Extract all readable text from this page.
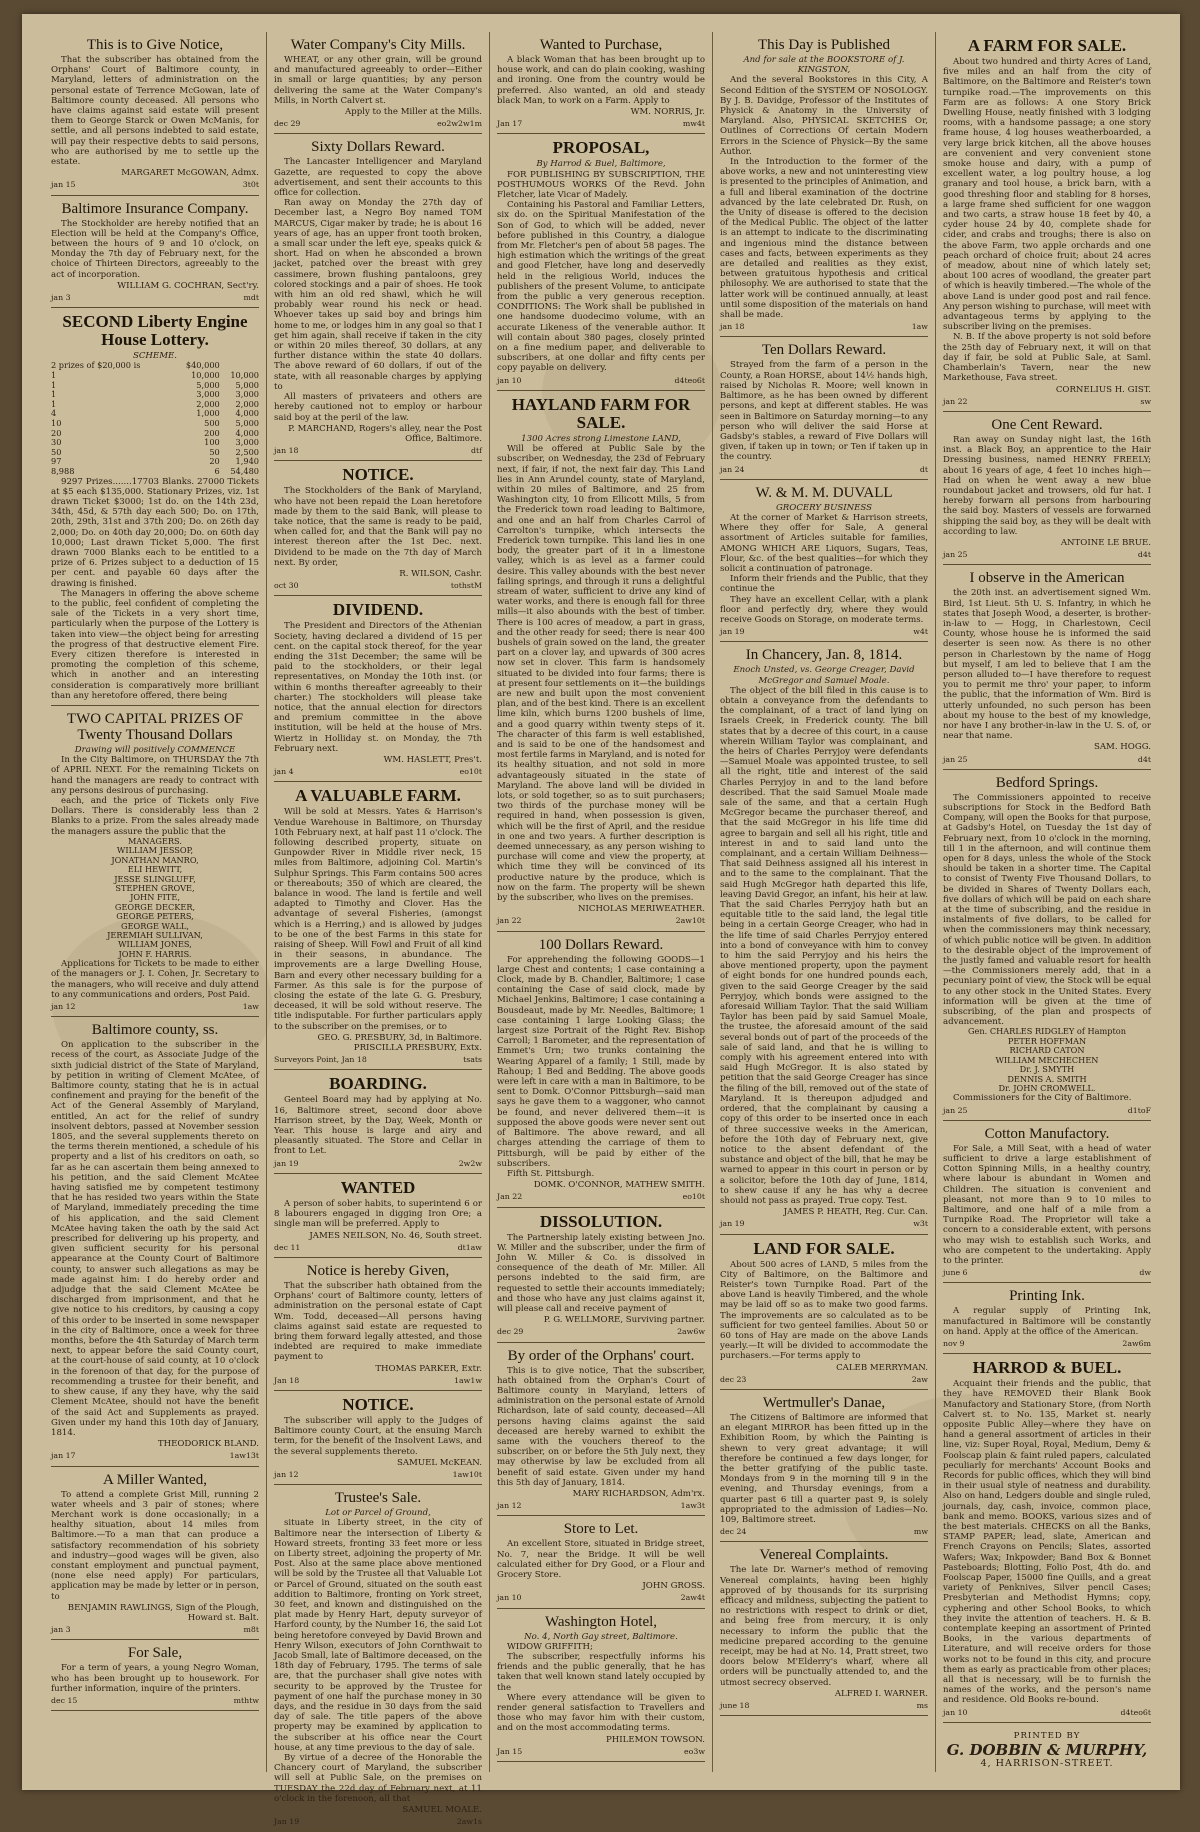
This is to Give Notice,

That the subscriber has obtained from the Orphans' Court of Baltimore county, in Maryland, letters of administration on the personal estate of Terrence McGowan, late of Baltimore county deceased. All persons who have claims against said estate will present them to George Starck or Owen McManis, for settle, and all persons indebted to said estate, will pay their respective debts to said persons, who are authorised by me to settle up the estate.

MARGARET McGOWAN, Admx.
jan 15	3t0t
Baltimore Insurance Company.

The Stockholder are hereby notified that an Election will be held at the Company's Office, between the hours of 9 and 10 o'clock, on Monday the 7th day of February next, for the choice of Thirteen Directors, agreeably to the act of incorporation.

WILLIAM G. COCHRAN, Sect'ry.
jan 3	mdt
SECOND Liberty Engine House Lottery.
SCHEME.
2 prizes of $20,000 is	$40,000	
1	10,000	10,000
1	5,000	5,000
1	3,000	3,000
1	2,000	2,000
4	1,000	4,000
10	500	5,000
20	200	4,000
30	100	3,000
50	50	2,500
97	20	1,940
8,988	6	54,480

9297 Prizes.......17703 Blanks. 27000 Tickets at $5 each $135,000. Stationary Prizes, viz. 1st drawn Ticket $3000; 1st do. on the 14th 23d, 34th, 45d, & 57th day each 500; Do. on 17th, 20th, 29th, 31st and 37th 200; Do. on 26th day 2,000; Do. on 40th day 20,000; Do. on 60th day 10,000; Last drawn Ticket 5,000. The first drawn 7000 Blanks each to be entitled to a prize of 6. Prizes subject to a deduction of 15 per cent. and payable 60 days after the drawing is finished.

The Managers in offering the above scheme to the public, feel confident of completing the sale of the Tickets in a very short time, particularly when the purpose of the Lottery is taken into view—the object being for arresting the progress of that destructive element Fire. Every citizen therefore is interested in promoting the completion of this scheme, which in another and an interesting consideration is comparatively more brilliant than any heretofore offered, there being

TWO CAPITAL PRIZES OF Twenty Thousand Dollars
Drawing will positively COMMENCE

In the City Baltimore, on THURSDAY the 7th of APRIL NEXT. For the remaining Tickets on hand the managers are ready to contract with any persons desirous of purchasing.

each, and the price of Tickets only Five Dollars. There is considerably less than 2 Blanks to a prize. From the sales already made the managers assure the public that the

MANAGERS.
WILLIAM JESSOP,
JONATHAN MANRO,
ELI HEWITT,
JESSE SLINGLUFF,
STEPHEN GROVE,
JOHN FITE,
GEORGE DECKER,
GEORGE PETERS,
GEORGE WALL,
JEREMIAH SULLIVAN,
WILLIAM JONES,
JOHN F. HARRIS.

Applications for Tickets to be made to either of the managers or J. I. Cohen, Jr. Secretary to the managers, who will receive and duly attend to any communications and orders, Post Paid.

jan 12	1aw
Baltimore county, ss.

On application to the subscriber in the recess of the court, as Associate Judge of the sixth judicial district of the State of Maryland, by petition in writing of Clement McAtee, of Baltimore county, stating that he is in actual confinement and praying for the benefit of the Act of the General Assembly of Maryland, entitled, An act for the relief of sundry insolvent debtors, passed at November session 1805, and the several supplements thereto on the terms therein mentioned, a schedule of his property and a list of his creditors on oath, so far as he can ascertain them being annexed to his petition, and the said Clement McAtee having satisfied me by competent testimony that he has resided two years within the State of Maryland, immediately preceding the time of his application, and the said Clement McAtee having taken the oath by the said Act prescribed for delivering up his property, and given sufficient security for his personal appearance at the County Court of Baltimore county, to answer such allegations as may be made against him: I do hereby order and adjudge that the said Clement McAtee be discharged from imprisonment, and that he give notice to his creditors, by causing a copy of this order to be inserted in some newspaper in the city of Baltimore, once a week for three months, before the 4th Saturday of March term next, to appear before the said County court, at the court-house of said county, at 10 o'clock in the forenoon of that day, for the purpose of recommending a trustee for their benefit, and to shew cause, if any they have, why the said Clement McAtee, should not have the benefit of the said Act and Supplements as prayed. Given under my hand this 10th day of January, 1814.

THEODORICK BLAND.
jan 17	1aw13t
A Miller Wanted,

To attend a complete Grist Mill, running 2 water wheels and 3 pair of stones; where Merchant work is done occasionally; in a healthy situation, about 14 miles from Baltimore.—To a man that can produce a satisfactory recommendation of his sobriety and industry—good wages will be given, also constant employment and punctual payment, (none else need apply) For particulars, application may be made by letter or in person, to

BENJAMIN RAWLINGS, Sign of the Plough, Howard st. Balt.
jan 3	m8t
For Sale,

For a term of years, a young Negro Woman, who has been brought up to housework. For further information, inquire of the printers.

dec 15	mthtw
Water Company's City Mills.

WHEAT, or any other grain, will be ground and manufactured agreeably to order—Either in small or large quantities; by any person delivering the same at the Water Company's Mills, in North Calvert st.

Apply to the Miller at the Mills.
dec 29	eo2w2w1m
Sixty Dollars Reward.

The Lancaster Intelligencer and Maryland Gazette, are requested to copy the above advertisement, and sent their accounts to this office for collection.

Ran away on Monday the 27th day of December last, a Negro Boy named TOM MARCUS, Cigar maker by trade; he is about 16 years of age, has an upper front tooth broken, a small scar under the left eye, speaks quick & short. Had on when he absconded a brown jacket, patched over the breast with grey cassimere, brown flushing pantaloons, grey colored stockings and a pair of shoes. He took with him an old red shawl, which he will probably wear round his neck or head. Whoever takes up said boy and brings him home to me, or lodges him in any goal so that I get him again, shall receive if taken in the city or within 20 miles thereof, 30 dollars, at any further distance within the state 40 dollars. The above reward of 60 dollars, if out of the state, with all reasonable charges by applying to

All masters of privateers and others are hereby cautioned not to employ or harbour said boy at the peril of the law.

P. MARCHAND, Rogers's alley, near the Post Office, Baltimore.
jan 18	dtf
NOTICE.

The Stockholders of the Bank of Maryland, who have not been repaid the Loan heretofore made by them to the said Bank, will please to take notice, that the same is ready to be paid, when called for, and that the Bank will pay no interest thereon after the 1st Dec. next. Dividend to be made on the 7th day of March next. By order,

R. WILSON, Cashr.
oct 30	tothstM
DIVIDEND.

The President and Directors of the Athenian Society, having declared a dividend of 15 per cent. on the capital stock thereof, for the year ending the 31st December; the same will be paid to the stockholders, or their legal representatives, on Monday the 10th inst. (or within 6 months thereafter agreeably to their charter.) The stockholders will please take notice, that the annual election for directors and premium committee in the above institution, will be held at the house of Mrs. Wiertz in Holliday st. on Monday, the 7th February next.

WM. HASLETT, Pres't.
jan 4	eo10t
A VALUABLE FARM.

Will be sold at Messrs. Yates & Harrison's Vendue Warehouse in Baltimore, on Thursday 10th February next, at half past 11 o'clock. The following described property, situate on Gunpowder River in Middle river neck, 15 miles from Baltimore, adjoining Col. Martin's Sulphur Springs. This Farm contains 500 acres or thereabouts; 350 of which are cleared, the balance in wood. The land is fertile and well adapted to Timothy and Clover. Has the advantage of several Fisheries, (amongst which is a Herring,) and is allowed by judges to be one of the best Farms in this state for raising of Sheep. Will Fowl and Fruit of all kind in their seasons, in abundance. The improvements are a large Dwelling House, Barn and every other necessary building for a Farmer. As this sale is for the purpose of closing the estate of the late G. G. Presbury, deceased, it will be sold without reserve. The title indisputable. For further particulars apply to the subscriber on the premises, or to

GEO. G. PRESBURY, 3d, in Baltimore. PRISCILLA PRESBURY, Extx.
Surveyors Point, Jan 18	tsats
BOARDING.

Genteel Board may had by applying at No. 16, Baltimore street, second door above Harrison street, by the Day, Week, Month or Year. This house is large and airy and pleasantly situated. The Store and Cellar in front to Let.

jan 19	2w2w
WANTED

A person of sober habits, to superintend 6 or 8 labourers engaged in digging Iron Ore; a single man will be preferred. Apply to

JAMES NEILSON, No. 46, South street.
dec 11	dt1aw
Notice is hereby Given,

That the subscriber hath obtained from the Orphans' court of Baltimore county, letters of administration on the personal estate of Capt Wm. Todd, deceased—All persons having claims against said estate are requested to bring them forward legally attested, and those indebted are required to make immediate payment to

THOMAS PARKER, Extr.
Jan 18	1aw1w
NOTICE.

The subscriber will apply to the Judges of Baltimore county Court, at the ensuing March term, for the benefit of the Insolvent Laws, and the several supplements thereto.

SAMUEL McKEAN.
jan 12	1aw10t
Trustee's Sale.
Lot or Parcel of Ground,

situate in Liberty street, in the city of Baltimore near the intersection of Liberty & Howard streets, fronting 33 feet more or less on Liberty street, adjoining the property of Mr. Post. Also at the same place above mentioned will be sold by the Trustee all that Valuable Lot or Parcel of Ground, situated on the south east addition to Baltimore, fronting on York street, 30 feet, and known and distinguished on the plat made by Henry Hart, deputy surveyor of Harford county, by the Number 16, the said Lot being heretofore conveyed by David Brown and Henry Wilson, executors of John Cornthwait to Jacob Small, late of Baltimore deceased, on the 18th day of February, 1795. The terms of sale are, that the purchaser shall give notes with security to be approved by the Trustee for payment of one half the purchase money in 30 days, and the residue in 30 days from the said day of sale. The title papers of the above property may be examined by application to the subscriber at his office near the Court house, at any time previous to the day of sale.

By virtue of a decree of the Honorable the Chancery court of Maryland, the subscriber will sell at Public Sale, on the premises on TUESDAY the 22d day of February next, at 11 o'clock in the forenoon, all that

SAMUEL MOALE.
Jan 19	2aw1s
Wanted to Purchase,

A black Woman that has been brought up to house work, and can do plain cooking, washing and ironing. One from the country would be preferred. Also wanted, an old and steady black Man, to work on a Farm. Apply to

WM. NORRIS, Jr.
Jan 17	mw4t
PROPOSAL,
By Harrod & Buel, Baltimore,

FOR PUBLISHING BY SUBSCRIPTION, THE POSTHUMOUS WORKS Of the Revd. John Fletcher, late Vicar of Madely.

Containing his Pastoral and Familiar Letters, six do. on the Spiritual Manifestation of the Son of God, to which will be added, never before published in this Country, a dialogue from Mr. Fletcher's pen of about 58 pages. The high estimation which the writings of the great and good Fletcher, have long and deservedly held in the religious World, induces the publishers of the present Volume, to anticipate from the public a very generous reception. CONDITIONS: The Work shall be published in one handsome duodecimo volume, with an accurate Likeness of the venerable author. It will contain about 380 pages, closely printed on a fine medium paper, and deliverable to subscribers, at one dollar and fifty cents per copy payable on delivery.

jan 10	d4teo6t
HAYLAND FARM FOR SALE.
1300 Acres strong Limestone LAND,

Will be offered at Public Sale by the subscriber, on Wednesday, the 23d of February next, if fair, if not, the next fair day. This Land lies in Ann Arundel county, state of Maryland, within 20 miles of Baltimore, and 25 from Washington city, 10 from Ellicott Mills, 5 from the Frederick town road leading to Baltimore, and one and an half from Charles Carrol of Carrolton's turnpike, which intersects the Frederick town turnpike. This land lies in one body, the greater part of it in a limestone valley, which is as level as a farmer could desire. This valley abounds with the best never failing springs, and through it runs a delightful stream of water, sufficient to drive any kind of water works, and there is enough fall for three mills—it also abounds with the best of timber. There is 100 acres of meadow, a part in grass, and the other ready for seed; there is near 400 bushels of grain sowed on the land, the greater part on a clover lay, and upwards of 300 acres now set in clover. This farm is handsomely situated to be divided into four farms; there is at present four settlements on it—the buildings are new and built upon the most convenient plan, and of the best kind. There is an excellent lime kiln, which burns 1200 bushels of lime, and a good quarry within twenty steps of it. The character of this farm is well established, and is said to be one of the handsomest and most fertile farms in Maryland, and is noted for its healthy situation, and not sold in more advantageously situated in the state of Maryland. The above land will be divided in lots, or sold together, so as to suit purchasers; two thirds of the purchase money will be required in hand, when possession is given, which will be the first of April, and the residue in one and two years. A further description is deemed unnecessary, as any person wishing to purchase will come and view the property, at which time they will be convinced of its productive nature by the produce, which is now on the farm. The property will be shewn by the subscriber, who lives on the premises.

NICHOLAS MERIWEATHER.
jan 22	2aw10t
100 Dollars Reward.

For apprehending the following GOODS—1 large Chest and contents; 1 case containing a Clock, made by B. Chandler, Baltimore; 1 case containing the Case of said clock, made by Michael Jenkins, Baltimore; 1 case containing a Bousdeaut, made by Mr. Needles, Baltimore; 1 case containing 1 large Looking Glass; the largest size Portrait of the Right Rev. Bishop Carroll; 1 Barometer, and the representation of Emmet's Urn; two trunks containing the Wearing Apparel of a family; 1 Still, made by Rahoup; 1 Bed and Bedding. The above goods were left in care with a man in Baltimore, to be sent to Domk. O'Connor Pittsburgh—said man says he gave them to a waggoner, who cannot be found, and never delivered them—it is supposed the above goods were never sent out of Baltimore. The above reward, and all charges attending the carriage of them to Pittsburgh, will be paid by either of the subscribers.

Fifth St. Pittsburgh.

DOMK. O'CONNOR, MATHEW SMITH.
Jan 22	eo10t
DISSOLUTION.

The Partnership lately existing between Jno. W. Miller and the subscriber, under the firm of John W. Miller & Co. is dissolved in consequence of the death of Mr. Miller. All persons indebted to the said firm, are requested to settle their accounts immediately; and those who have any just claims against it, will please call and receive payment of

P. G. WELLMORE, Surviving partner.
dec 29	2aw6w
By order of the Orphans' court.

This is to give notice, That the subscriber, hath obtained from the Orphan's Court of Baltimore county in Maryland, letters of administration on the personal estate of Arnold Richardson, late of said county, deceased—All persons having claims against the said deceased are hereby warned to exhibit the same with the vouchers thereof to the subscriber, on or before the 5th July next, they may otherwise by law be excluded from all benefit of said estate. Given under my hand this 5th day of January, 1814.

MARY RICHARDSON, Adm'rx.
jan 12	1aw3t
Store to Let.

An excellent Store, situated in Bridge street, No. 7, near the Bridge. It will be well calculated either for Dry Good, or a Flour and Grocery Store.

JOHN GROSS.
jan 10	2aw4t
Washington Hotel,
No. 4, North Gay street, Baltimore.

WIDOW GRIFFITH;

The subscriber, respectfully informs his friends and the public generally, that he has taken that well known stand lately occupied by the

Where every attendance will be given to render general satisfaction to Travellers and those who may favor him with their custom, and on the most accommodating terms.

PHILEMON TOWSON.
Jan 15	eo3w
This Day is Published
And for sale at the BOOKSTORE of J. KINGSTON,

And the several Bookstores in this City, A Second Edition of the SYSTEM OF NOSOLOGY. By J. B. Davidge, Professor of the Institutes of Physick & Anatomy in the University of Maryland. Also, PHYSICAL SKETCHES Or, Outlines of Corrections Of certain Modern Errors in the Science of Physick—By the same Author.

In the Introduction to the former of the above works, a new and not uninteresting view is presented to the principles of Animation, and a full and liberal examination of the doctrine advanced by the late celebrated Dr. Rush, on the Unity of disease is offered to the decision of the Medical Public. The object of the latter is an attempt to indicate to the discriminating and ingenious mind the distance between cases and facts, between experiments as they are detailed and realities as they exist, between gratuitous hypothesis and critical philosophy. We are authorised to state that the latter work will be continued annually, at least until some disposition of the materials on hand shall be made.

jan 18	1aw
Ten Dollars Reward.

Strayed from the farm of a person in the County, a Roan HORSE, about 14½ hands high, raised by Nicholas R. Moore; well known in Baltimore, as he has been owned by different persons, and kept at different stables. He was seen in Baltimore on Saturday morning—to any person who will deliver the said Horse at Gadsby's stables, a reward of Five Dollars will given, if taken up in town; or Ten if taken up in the country.

jan 24	dt
W. & M. M. DUVALL
GROCERY BUSINESS

At the corner of Market & Harrison streets, Where they offer for Sale, A general assortment of Articles suitable for families, AMONG WHICH ARE Liquors, Sugars, Teas, Flour, &c. of the best qualities—for which they solicit a continuation of patronage.

Inform their friends and the Public, that they continue the

They have an excellent Cellar, with a plank floor and perfectly dry, where they would receive Goods on Storage, on moderate terms.

jan 19	w4t
In Chancery, Jan. 8, 1814.
Enoch Unsted, vs. George Creager, David McGregor and Samuel Moale.

The object of the bill filed in this cause is to obtain a conveyance from the defendants to the complainant, of a tract of land lying on Israels Creek, in Frederick county. The bill states that by a decree of this court, in a cause wherein William Taylor was complainant, and the heirs of Charles Perryjoy were defendants—Samuel Moale was appointed trustee, to sell all the right, title and interest of the said Charles Perryjoy in and to the land before described. That the said Samuel Moale made sale of the same, and that a certain Hugh McGregor became the purchaser thereof, and that the said McGregor in his life time did agree to bargain and sell all his right, title and interest in and to said land unto the complainant, and a certain William Deihness—That said Deihness assigned all his interest in and to the same to the complainant. That the said Hugh McGregor hath departed this life, leaving David Gregor, an infant, his heir at law. That the said Charles Perryjoy hath but an equitable title to the said land, the legal title being in a certain George Creager, who had in the life time of said Charles Perryjoy entered into a bond of conveyance with him to convey to him the said Perryjoy and his heirs the above mentioned property, upon the payment of eight bonds for one hundred pounds each, given to the said George Creager by the said Perryjoy, which bonds were assigned to the aforesaid William Taylor. That the said William Taylor has been paid by said Samuel Moale, the trustee, the aforesaid amount of the said several bonds out of part of the proceeds of the sale of said land, and that he is willing to comply with his agreement entered into with said Hugh McGregor. It is also stated by petition that the said George Creager has since the filing of the bill, removed out of the state of Maryland. It is thereupon adjudged and ordered, that the complainant by causing a copy of this order to be inserted once in each of three successive weeks in the American, before the 10th day of February next, give notice to the absent defendant of the substance and object of the bill, that he may be warned to appear in this court in person or by a solicitor, before the 10th day of June, 1814, to shew cause if any he has why a decree should not pass as prayed. True copy. Test.

JAMES P. HEATH, Reg. Cur. Can.
jan 19	w3t
LAND FOR SALE.

About 500 acres of LAND, 5 miles from the City of Baltimore, on the Baltimore and Reister's town Turnpike Road. Part of the above Land is heavily Timbered, and the whole may be laid off so as to make two good farms. The improvements are so calculated as to be sufficient for two genteel families. About 50 or 60 tons of Hay are made on the above Lands yearly.—It will be divided to accommodate the purchasers.—For terms apply to

CALEB MERRYMAN.
dec 23	2aw
Wertmuller's Danae,

The Citizens of Baltimore are informed that an elegant MIRROR has been fitted up in the Exhibition Room, by which the Painting is shewn to very great advantage; it will therefore be continued a few days longer, for the better gratifying of the public taste. Mondays from 9 in the morning till 9 in the evening, and Thursday evenings, from a quarter past 6 till a quarter past 9, is solely appropriated to the admission of Ladies—No. 109, Baltimore street.

dec 24	mw
Venereal Complaints.

The late Dr. Warner's method of removing Venereal complaints, having been highly approved of by thousands for its surprising efficacy and mildness, subjecting the patient to no restrictions with respect to drink or diet, and being free from mercury, it is only necessary to inform the public that the medicine prepared according to the genuine receipt, may be had at No. 14, Pratt street, two doors below M'Elderry's wharf, where all orders will be punctually attended to, and the utmost secrecy observed.

ALFRED I. WARNER.
june 18	ms
A FARM FOR SALE.

About two hundred and thirty Acres of Land, five miles and an half from the city of Baltimore, on the Baltimore and Reister's town turnpike road.—The improvements on this Farm are as follows: A one Story Brick Dwelling House, neatly finished with 3 lodging rooms, with a handsome passage; a one story frame house, 4 log houses weatherboarded, a very large brick kitchen, all the above houses are convenient and very convenient stone smoke house and dairy, with a pump of excellent water, a log poultry house, a log granary and tool house, a brick barn, with a good threshing floor and stabling for 8 horses, a large frame shed sufficient for one waggon and two carts, a straw house 18 feet by 40, a cyder house 24 by 40, complete shade for cider, and crabs and troughs; there is also on the above Farm, two apple orchards and one peach orchard of choice fruit; about 24 acres of meadow, about nine of which lately set; about 100 acres of woodland, the greater part of which is heavily timbered.—The whole of the above Land is under good post and rail fence. Any person wishing to purchase, will meet with advantageous terms by applying to the subscriber living on the premises.

N. B. If the above property is not sold before the 25th day of February next, it will on that day if fair, be sold at Public Sale, at Saml. Chamberlain's Tavern, near the new Markethouse, Fava street.

CORNELIUS H. GIST.
jan 22	sw
One Cent Reward.

Ran away on Sunday night last, the 16th inst. a Black Boy, an apprentice to the Hair Dressing business, named HENRY FREELY; about 16 years of age, 4 feet 10 inches high—Had on when he went away a new blue roundabout jacket and trowsers, old fur hat. I hereby forwarn all persons from harbouring the said boy. Masters of vessels are forwarned shipping the said boy, as they will be dealt with according to law.

ANTOINE LE BRUE.
jan 25	d4t
I observe in the American

the 20th inst. an advertisement signed Wm. Bird, 1st Lieut. 5th U. S. Infantry, in which he states that Joseph Wood, a deserter, is brother-in-law to — Hogg, in Charlestown, Cecil County, whose house he is informed the said deserter is seen now. As there is no other person in Charlestown by the name of Hogg but myself, I am led to believe that I am the person alluded to—I have therefore to request you to permit me thro' your paper, to inform the public, that the information of Wm. Bird is utterly unfounded, no such person has been about my house to the best of my knowledge, nor have I any brother-in-law in the U. S. of, or near that name.

SAM. HOGG.
jan 25	d4t
Bedford Springs.

The Commissioners appointed to receive subscriptions for Stock in the Bedford Bath Company, will open the Books for that purpose, at Gadsby's Hotel, on Tuesday the 1st day of February next, from 10 o'clock in the morning, till 1 in the afternoon, and will continue them open for 8 days, unless the whole of the Stock should be taken in a shorter time. The Capital to consist of Twenty Five Thousand Dollars, to be divided in Shares of Twenty Dollars each, five dollars of which will be paid on each share at the time of subscribing, and the residue in instalments of five dollars, to be called for when the commissioners may think necessary, of which public notice will be given. In addition to the desirable object of the improvement of the justly famed and valuable resort for health—the Commissioners merely add, that in a pecuniary point of view, the Stock will be equal to any other stock in the United States. Every information will be given at the time of subscribing, of the plan and prospects of advancement.

Gen. CHARLES RIDGLEY of Hampton
PETER HOFFMAN
RICHARD CATON
WILLIAM MECHECHEN
Dr. J. SMYTH
DENNIS A. SMITH
Dr. JOHN CROMWELL.

Commissioners for the City of Baltimore.

jan 25	d1toF
Cotton Manufactory.

For Sale, a Mill Seat, with a head of water sufficient to drive a large establishment of Cotton Spinning Mills, in a healthy country, where labour is abundant in Women and Children. The situation is convenient and pleasant, not more than 9 to 10 miles to Baltimore, and one half of a mile from a Turnpike Road. The Proprietor will take a concern to a considerable extent, with persons who may wish to establish such Works, and who are competent to the undertaking. Apply to the printer.

june 6	dw
Printing Ink.

A regular supply of Printing Ink, manufactured in Baltimore will be constantly on hand. Apply at the office of the American.

nov 9	2aw6m
HARROD & BUEL.

Acquaint their friends and the public, that they have REMOVED their Blank Book Manufactory and Stationary Store, (from North Calvert st. to No. 135, Market st. nearly opposite Public Alley—where they have on hand a general assortment of articles in their line, viz: Super Royal, Royal, Medium, Demy & Foolscap plain & faint ruled papers, calculated peculiarly for merchants' Account Books and Records for public offices, which they will bind in their usual style of neatness and durability. Also on hand, Ledgers double and single ruled, journals, day, cash, invoice, common place, bank and memo. BOOKS, various sizes and of the best materials. CHECKS on all the Banks, STAMP PAPER; lead, slate, American and French Crayons on Pencils; Slates, assorted Wafers; Wax; Inkpowder; Band Box & Bonnet Pasteboards; Blotting, Folio Post, 4th do. and Foolscap Paper, 15000 fine Quills, and a great variety of Penknives, Silver pencil Cases; Presbyterian and Methodist Hymns; copy, cyphering and other School Books, to which they invite the attention of teachers. H. & B. contemplate keeping an assortment of Printed Books, in the various departments of Literature, and will receive orders for those works not to be found in this city, and procure them as early as practicable from other places; all that is necessary, will be to furnish the names of the works, and the person's name and residence. Old Books re-bound.

jan 10	d4teo6t
PRINTED BY
G. DOBBIN & MURPHY,
4, HARRISON-STREET.
